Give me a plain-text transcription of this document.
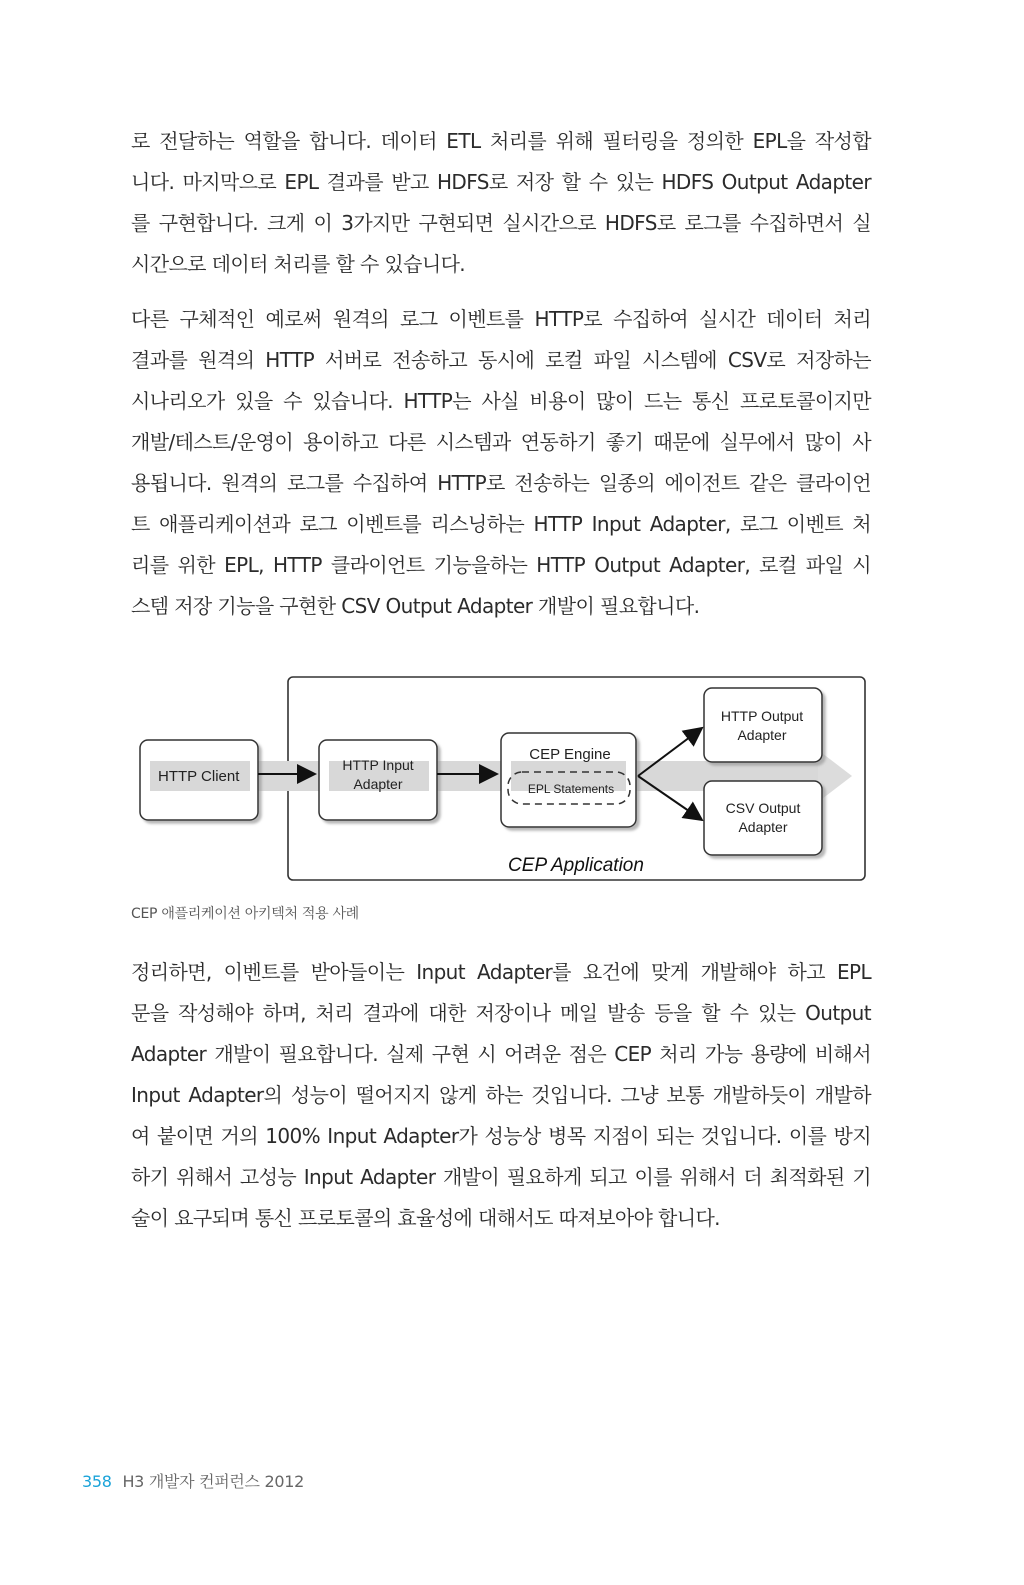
로 전달하는 역할을 합니다. 데이터 ETL 처리를 위해 필터링을 정의한 EPL을 작성합
니다. 마지막으로 EPL 결과를 받고 HDFS로 저장 할 수 있는 HDFS Output Adapter
를 구현합니다. 크게 이 3가지만 구현되면 실시간으로 HDFS로 로그를 수집하면서 실
시간으로 데이터 처리를 할 수 있습니다.
다른 구체적인 예로써 원격의 로그 이벤트를 HTTP로 수집하여 실시간 데이터 처리
결과를 원격의 HTTP 서버로 전송하고 동시에 로컬 파일 시스템에 CSV로 저장하는
시나리오가 있을 수 있습니다. HTTP는 사실 비용이 많이 드는 통신 프로토콜이지만
개발/테스트/운영이 용이하고 다른 시스템과 연동하기 좋기 때문에 실무에서 많이 사
용됩니다. 원격의 로그를 수집하여 HTTP로 전송하는 일종의 에이전트 같은 클라이언
트 애플리케이션과 로그 이벤트를 리스닝하는 HTTP Input Adapter, 로그 이벤트 처
리를 위한 EPL, HTTP 클라이언트 기능을하는 HTTP Output Adapter, 로컬 파일 시
스템 저장 기능을 구현한 CSV Output Adapter 개발이 필요합니다.
HTTP Client
HTTP Input
Adapter
CEP Engine
EPL Statements
HTTP Output
Adapter
CSV Output
Adapter
CEP Application
CEP 애플리케이션 아키텍처 적용 사례
정리하면, 이벤트를 받아들이는 Input Adapter를 요건에 맞게 개발해야 하고 EPL
문을 작성해야 하며, 처리 결과에 대한 저장이나 메일 발송 등을 할 수 있는 Output
Adapter 개발이 필요합니다. 실제 구현 시 어려운 점은 CEP 처리 가능 용량에 비해서
Input Adapter의 성능이 떨어지지 않게 하는 것입니다. 그냥 보통 개발하듯이 개발하
여 붙이면 거의 100% Input Adapter가 성능상 병목 지점이 되는 것입니다. 이를 방지
하기 위해서 고성능 Input Adapter 개발이 필요하게 되고 이를 위해서 더 최적화된 기
술이 요구되며 통신 프로토콜의 효율성에 대해서도 따져보아야 합니다.
358 H3 개발자 컨퍼런스 2012
